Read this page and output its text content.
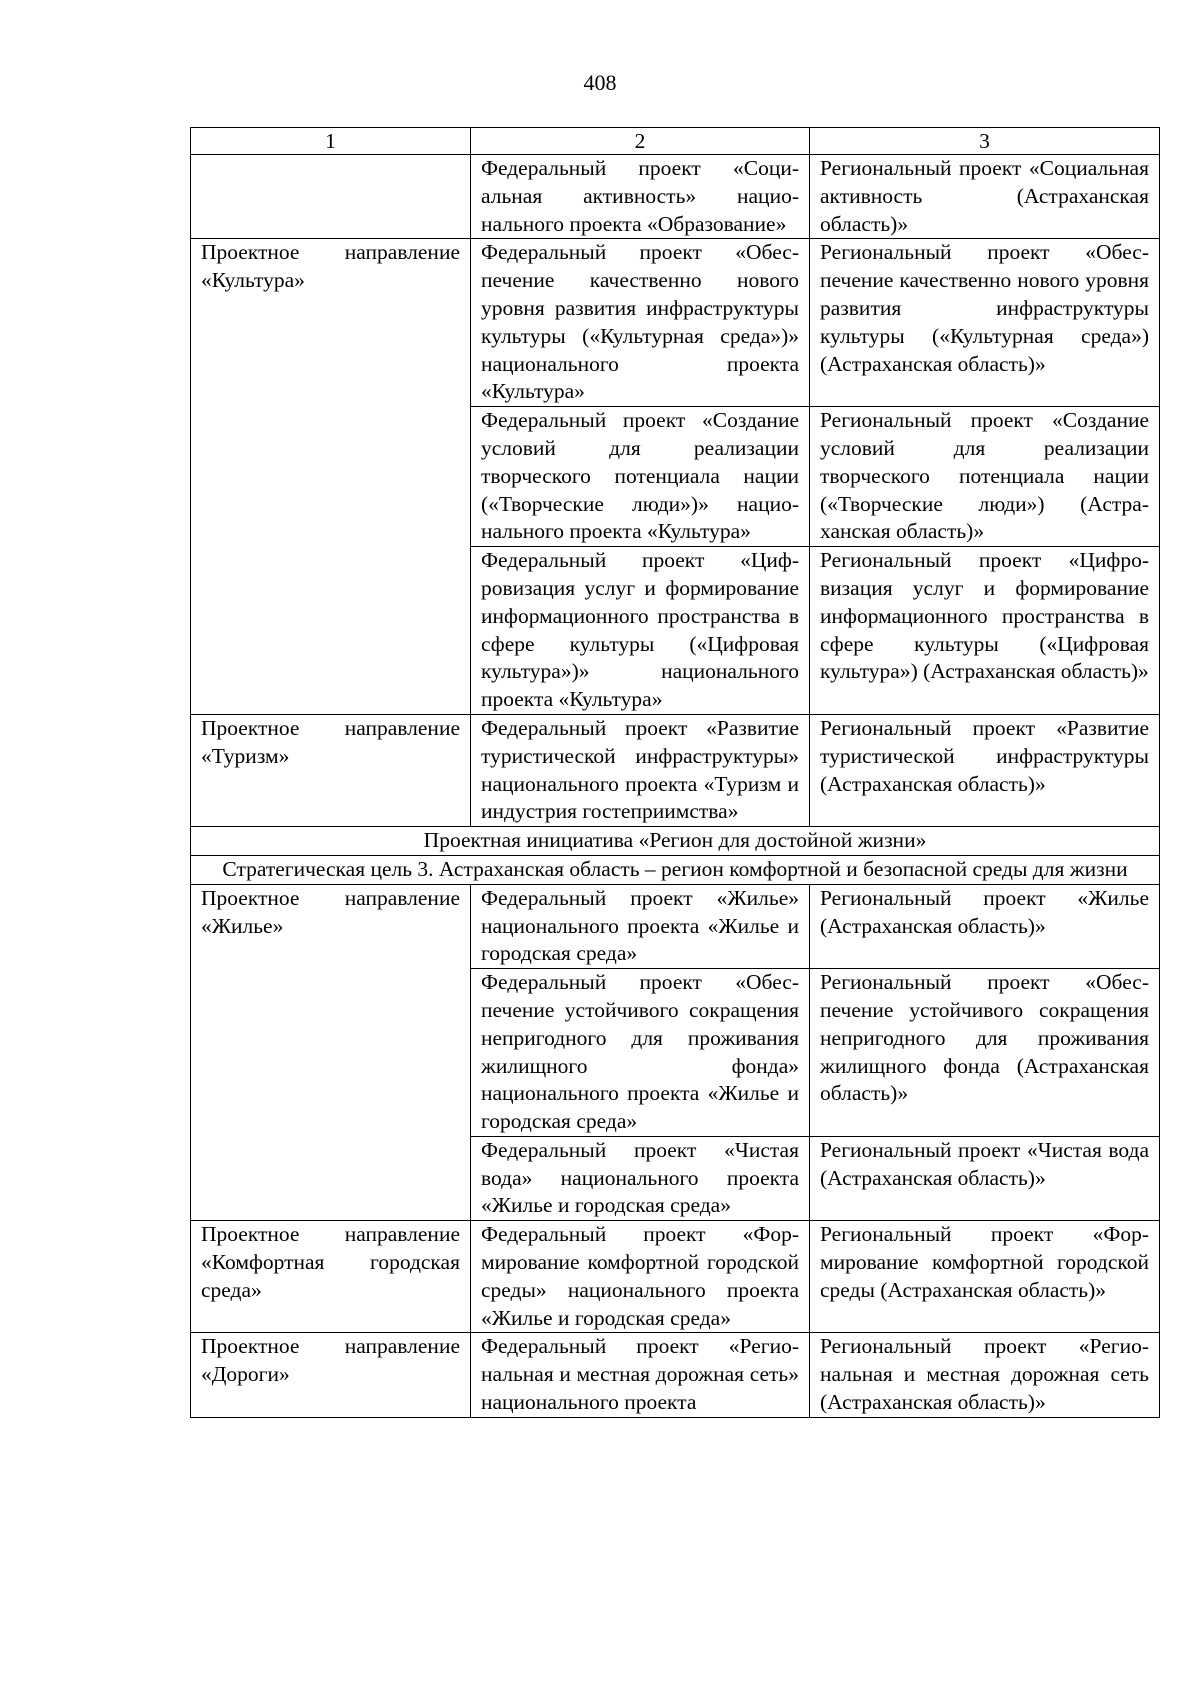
408
1	2	3
	Федеральный проект «Социальная активность» национального проекта «Образование»	Региональный проект «Социальная активность (Астраханская область)»
Проектное направление «Культура»	Федеральный проект «Обеспечение качественно нового уровня развития инфраструктуры культуры («Культурная среда»)» национального проекта «Культура»	Региональный проект «Обеспечение качественно нового уровня развития инфраструктуры культуры («Культурная среда») (Астраханская область)»
	Федеральный проект «Создание условий для реализации творческого потенциала нации («Творческие люди»)» национального проекта «Культура»	Региональный проект «Создание условий для реализации творческого потенциала нации («Творческие люди») (Астраханская область)»
	Федеральный проект «Цифровизация услуг и формирование информационного пространства в сфере культуры («Цифровая культура»)» национального проекта «Культура»	Региональный проект «Цифровизация услуг и формирование информационного пространства в сфере культуры («Цифровая культура») (Астраханская область)»
Проектное направление «Туризм»	Федеральный проект «Развитие туристической инфраструктуры» национального проекта «Туризм и индустрия гостеприимства»	Региональный проект «Развитие туристической инфраструктуры (Астраханская область)»
Проектная инициатива «Регион для достойной жизни»		
Стратегическая цель 3. Астраханская область – регион комфортной и безопасной среды для жизни		
Проектное направление «Жилье»	Федеральный проект «Жилье» национального проекта «Жилье и городская среда»	Региональный проект «Жилье (Астраханская область)»
	Федеральный проект «Обеспечение устойчивого сокращения непригодного для проживания жилищного фонда» национального проекта «Жилье и городская среда»	Региональный проект «Обеспечение устойчивого сокращения непригодного для проживания жилищного фонда (Астраханская область)»
	Федеральный проект «Чистая вода» национального проекта «Жилье и городская среда»	Региональный проект «Чистая вода (Астраханская область)»
Проектное направление «Комфортная городская среда»	Федеральный проект «Формирование комфортной городской среды» национального проекта «Жилье и городская среда»	Региональный проект «Формирование комфортной городской среды (Астраханская область)»
Проектное направление «Дороги»	Федеральный проект «Региональная и местная дорожная сеть» национального проекта	Региональный проект «Региональная и местная дорожная сеть (Астраханская область)»
